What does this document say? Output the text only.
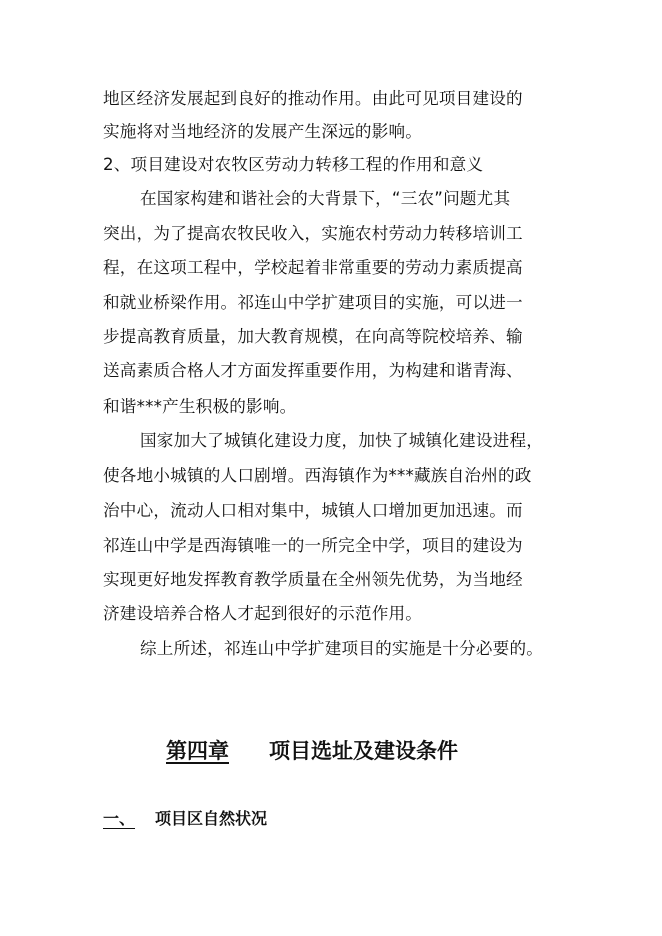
地区经济发展起到良好的推动作用。由此可见项目建设的

实施将对当地经济的发展产生深远的影响。

2、项目建设对农牧区劳动力转移工程的作用和意义

在国家构建和谐社会的大背景下，“三农”问题尤其

突出，为了提高农牧民收入，实施农村劳动力转移培训工

程，在这项工程中，学校起着非常重要的劳动力素质提高

和就业桥梁作用。祁连山中学扩建项目的实施，可以进一

步提高教育质量，加大教育规模，在向高等院校培养、输

送高素质合格人才方面发挥重要作用，为构建和谐青海、

和谐***产生积极的影响。

国家加大了城镇化建设力度，加快了城镇化建设进程，

使各地小城镇的人口剧增。西海镇作为***藏族自治州的政

治中心，流动人口相对集中，城镇人口增加更加迅速。而

祁连山中学是西海镇唯一的一所完全中学，项目的建设为

实现更好地发挥教育教学质量在全州领先优势，为当地经

济建设培养合格人才起到很好的示范作用。

综上所述，祁连山中学扩建项目的实施是十分必要的。

第四章 项目选址及建设条件
一、 项目区自然状况
